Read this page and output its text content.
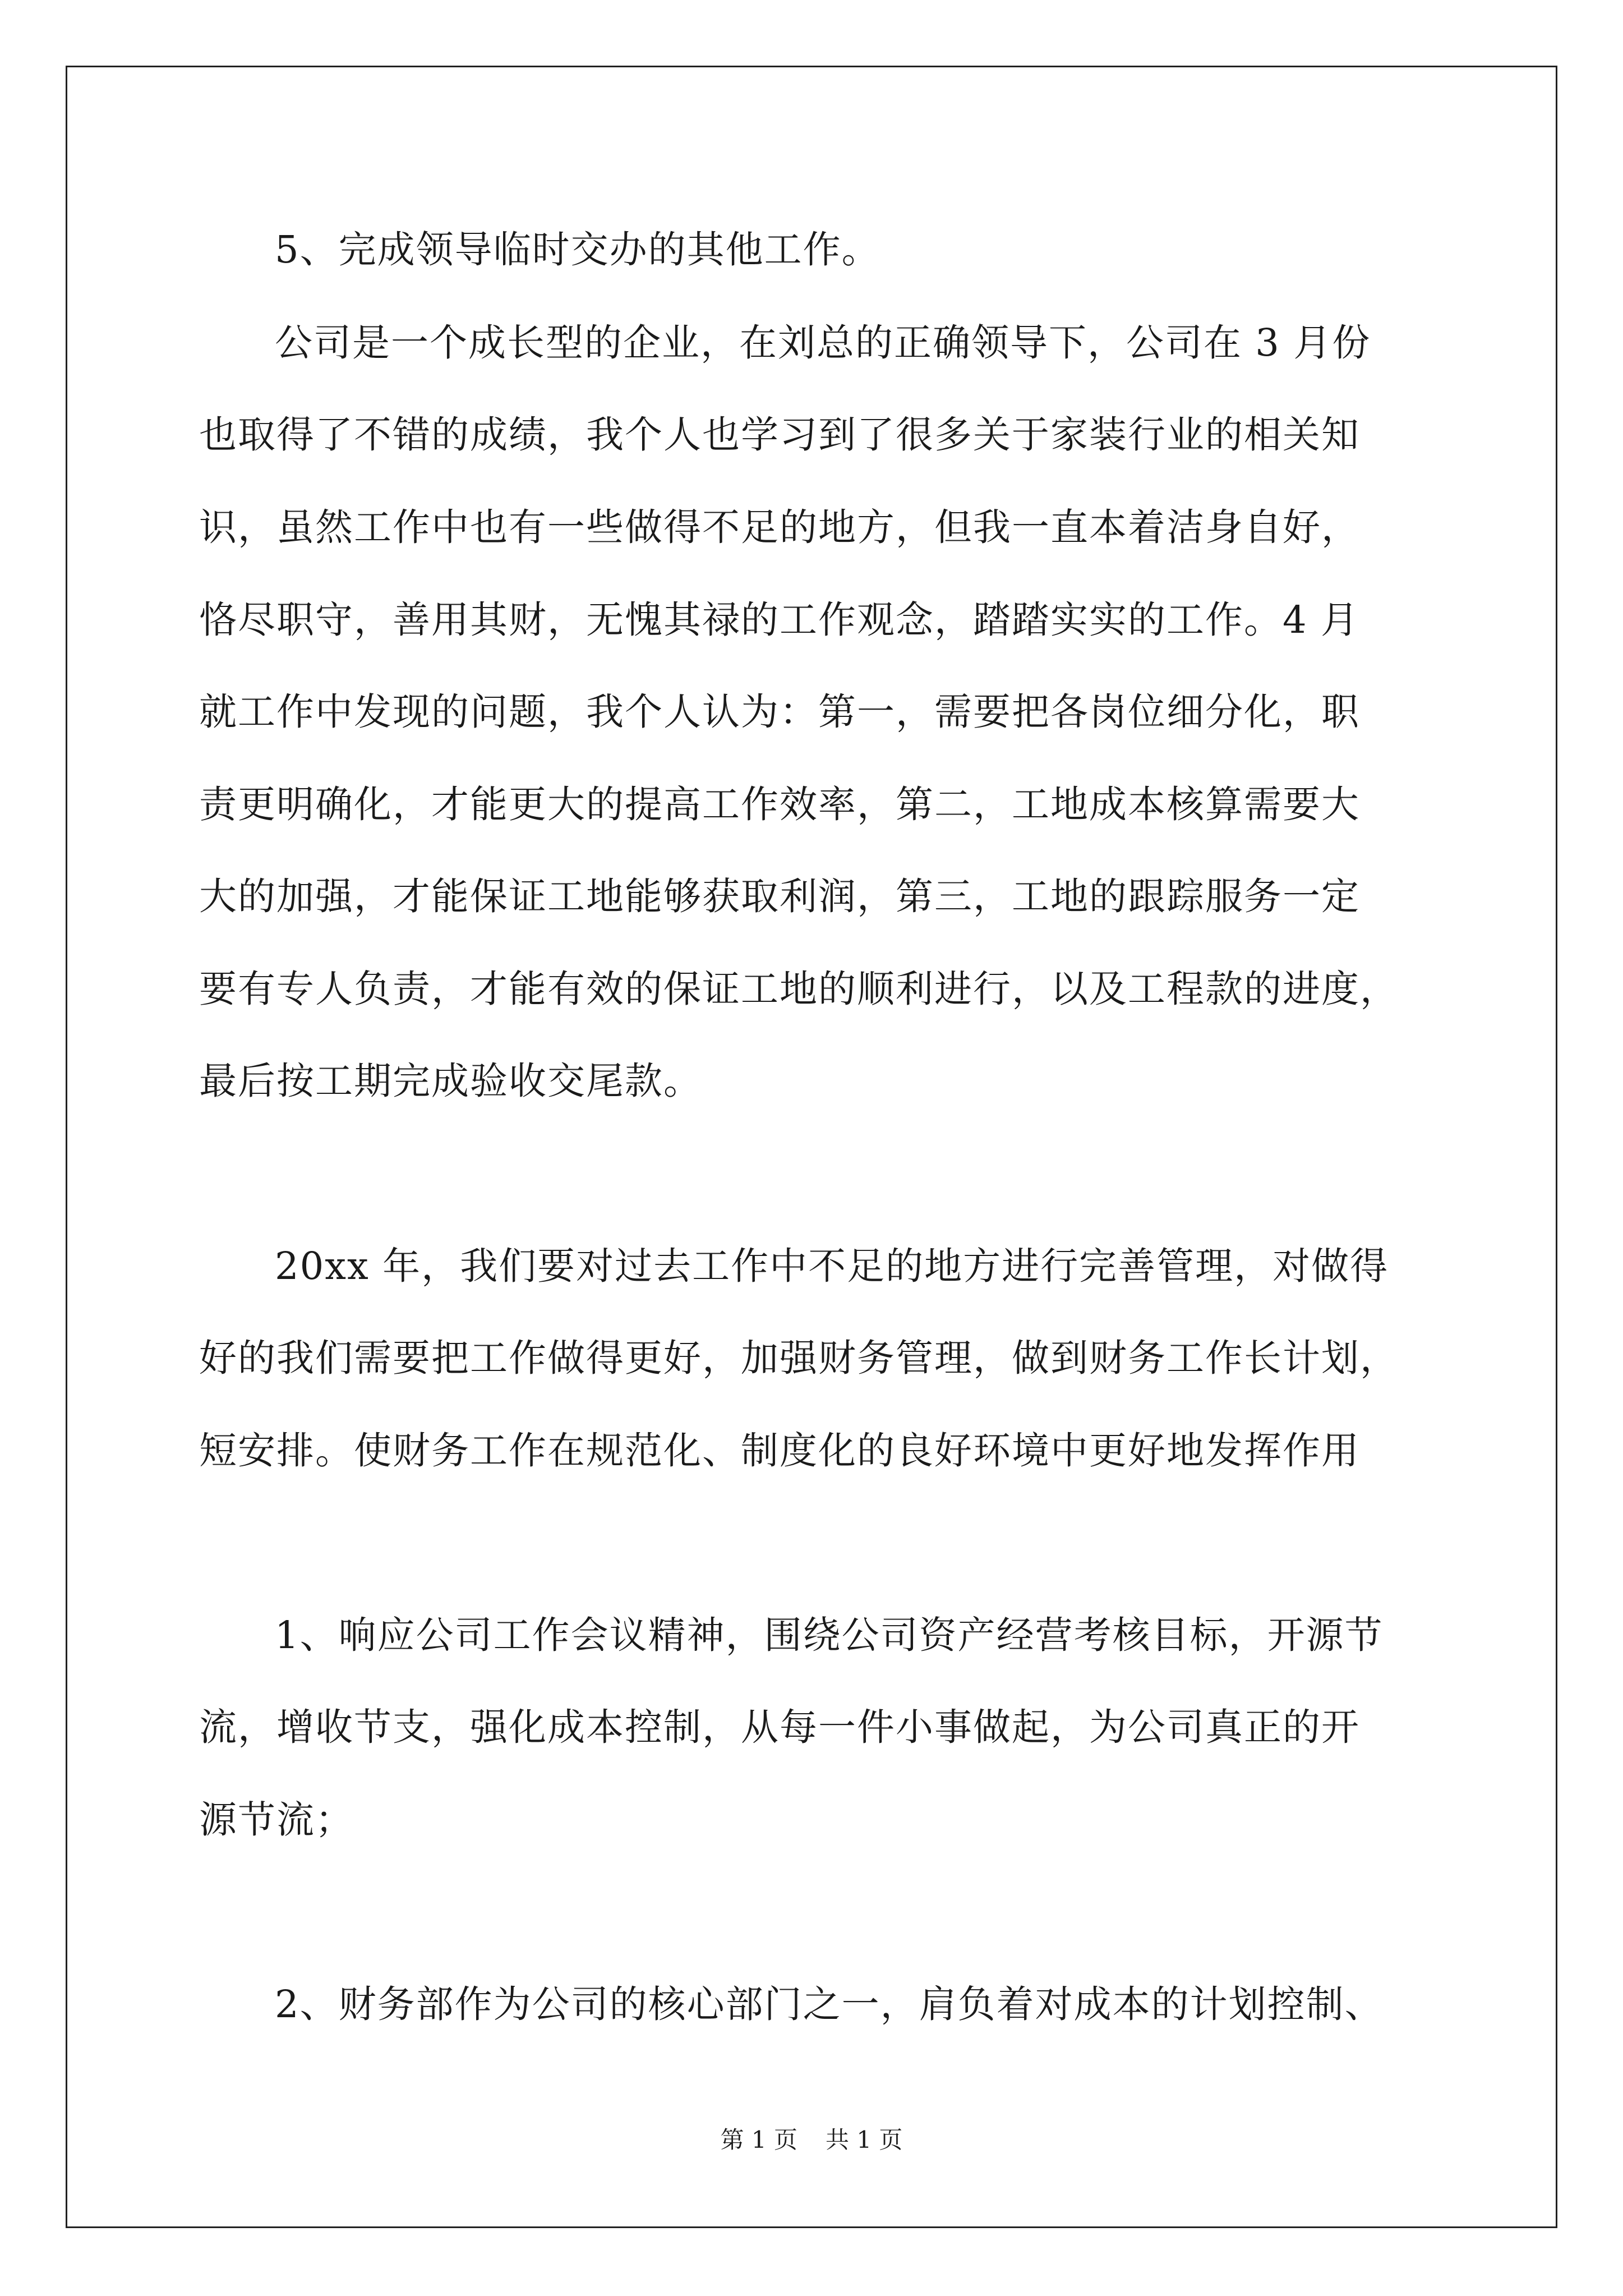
5、完成领导临时交办的其他工作。
公司是一个成长型的企业，在刘总的正确领导下，公司在 3 月份
也取得了不错的成绩，我个人也学习到了很多关于家装行业的相关知
识，虽然工作中也有一些做得不足的地方，但我一直本着洁身自好，
恪尽职守，善用其财，无愧其禄的工作观念，踏踏实实的工作。4 月
就工作中发现的问题，我个人认为：第一，需要把各岗位细分化，职
责更明确化，才能更大的提高工作效率，第二，工地成本核算需要大
大的加强，才能保证工地能够获取利润，第三，工地的跟踪服务一定
要有专人负责，才能有效的保证工地的顺利进行，以及工程款的进度，
最后按工期完成验收交尾款。
20xx 年，我们要对过去工作中不足的地方进行完善管理，对做得
好的我们需要把工作做得更好，加强财务管理，做到财务工作长计划，
短安排。使财务工作在规范化、制度化的良好环境中更好地发挥作用
1、响应公司工作会议精神，围绕公司资产经营考核目标，开源节
流，增收节支，强化成本控制，从每一件小事做起，为公司真正的开
源节流；
2、财务部作为公司的核心部门之一，肩负着对成本的计划控制、
第 1 页 共 1 页
